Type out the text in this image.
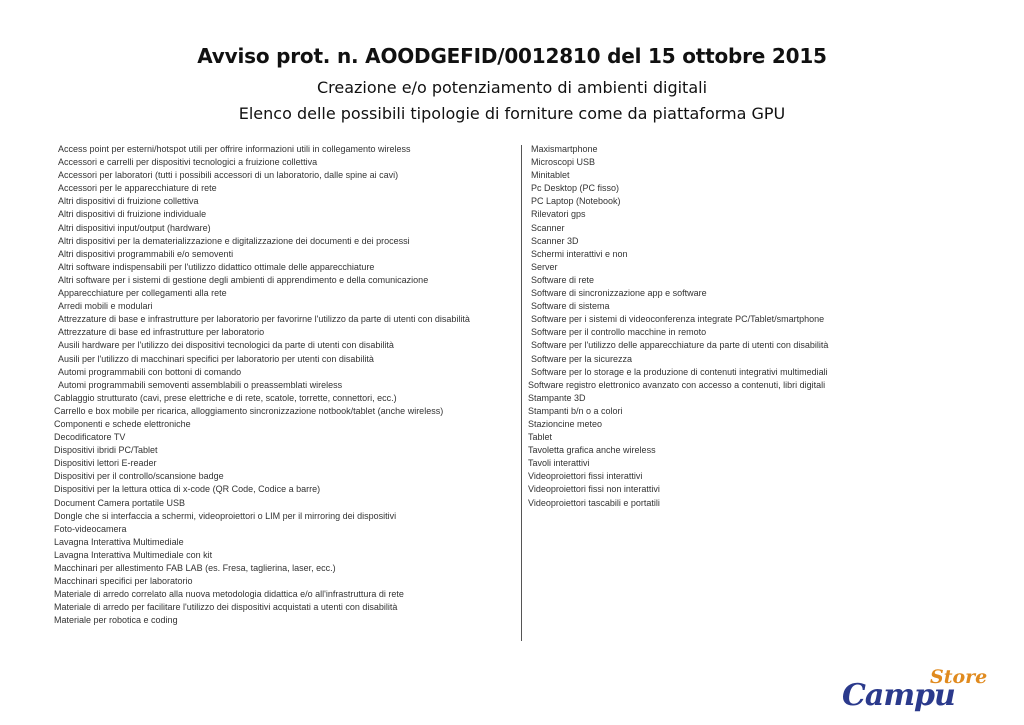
Avviso prot. n. AOODGEFID/0012810 del 15 ottobre 2015
Creazione e/o potenziamento di ambienti digitali
Elenco delle possibili tipologie di forniture come da piattaforma GPU
Access point per esterni/hotspot utili per offrire informazioni utili in collegamento wireless
Accessori e carrelli per dispositivi tecnologici a fruizione collettiva
Accessori per laboratori (tutti i possibili accessori di un laboratorio, dalle spine ai cavi)
Accessori per le apparecchiature di rete
Altri dispositivi di fruizione collettiva
Altri dispositivi di fruizione individuale
Altri dispositivi input/output (hardware)
Altri dispositivi per la dematerializzazione e digitalizzazione dei documenti e dei processi
Altri dispositivi programmabili e/o semoventi
Altri software indispensabili per l'utilizzo didattico ottimale delle apparecchiature
Altri software per i sistemi di gestione degli ambienti di apprendimento e della comunicazione
Apparecchiature per collegamenti alla rete
Arredi mobili e modulari
Attrezzature di base e infrastrutture per laboratorio per favorirne l'utilizzo da parte di utenti con disabilità
Attrezzature di base ed infrastrutture per laboratorio
Ausili hardware per l'utilizzo dei dispositivi tecnologici da parte di utenti con disabilità
Ausili per l'utilizzo di macchinari specifici per laboratorio per utenti con disabilità
Automi programmabili con bottoni di comando
Automi programmabili semoventi assemblabili o preassemblati wireless
Cablaggio strutturato (cavi, prese elettriche e di rete, scatole, torrette, connettori, ecc.)
Carrello e box mobile per ricarica, alloggiamento sincronizzazione notbook/tablet (anche wireless)
Componenti e schede elettroniche
Decodificatore TV
Dispositivi ibridi PC/Tablet
Dispositivi lettori E-reader
Dispositivi per il controllo/scansione badge
Dispositivi per la lettura ottica di x-code (QR Code, Codice a barre)
Document Camera portatile USB
Dongle che si interfaccia a schermi, videoproiettori o LIM per il mirroring dei dispositivi
Foto-videocamera
Lavagna Interattiva Multimediale
Lavagna Interattiva Multimediale con kit
Macchinari per allestimento FAB LAB (es. Fresa, taglierina, laser, ecc.)
Macchinari specifici per laboratorio
Materiale di arredo correlato alla nuova metodologia didattica e/o all'infrastruttura di rete
Materiale di arredo per facilitare l'utilizzo dei dispositivi acquistati a utenti con disabilità
Materiale per robotica e coding
Maxismartphone
Microscopi USB
Minitablet
Pc Desktop (PC fisso)
PC Laptop (Notebook)
Rilevatori gps
Scanner
Scanner 3D
Schermi interattivi e non
Server
Software di rete
Software di sincronizzazione app e software
Software di sistema
Software per i sistemi di videoconferenza integrate PC/Tablet/smartphone
Software per il controllo macchine in remoto
Software per l'utilizzo delle apparecchiature da parte di utenti con disabilità
Software per la sicurezza
Software per lo storage e la produzione di contenuti integrativi multimediali
Software registro elettronico avanzato con accesso a contenuti, libri digitali
Stampante 3D
Stampanti b/n o a colori
Stazioncine meteo
Tablet
Tavoletta grafica anche wireless
Tavoli interattivi
Videoproiettori fissi interattivi
Videoproiettori fissi non interattivi
Videoproiettori tascabili e portatili
Campu
Store
